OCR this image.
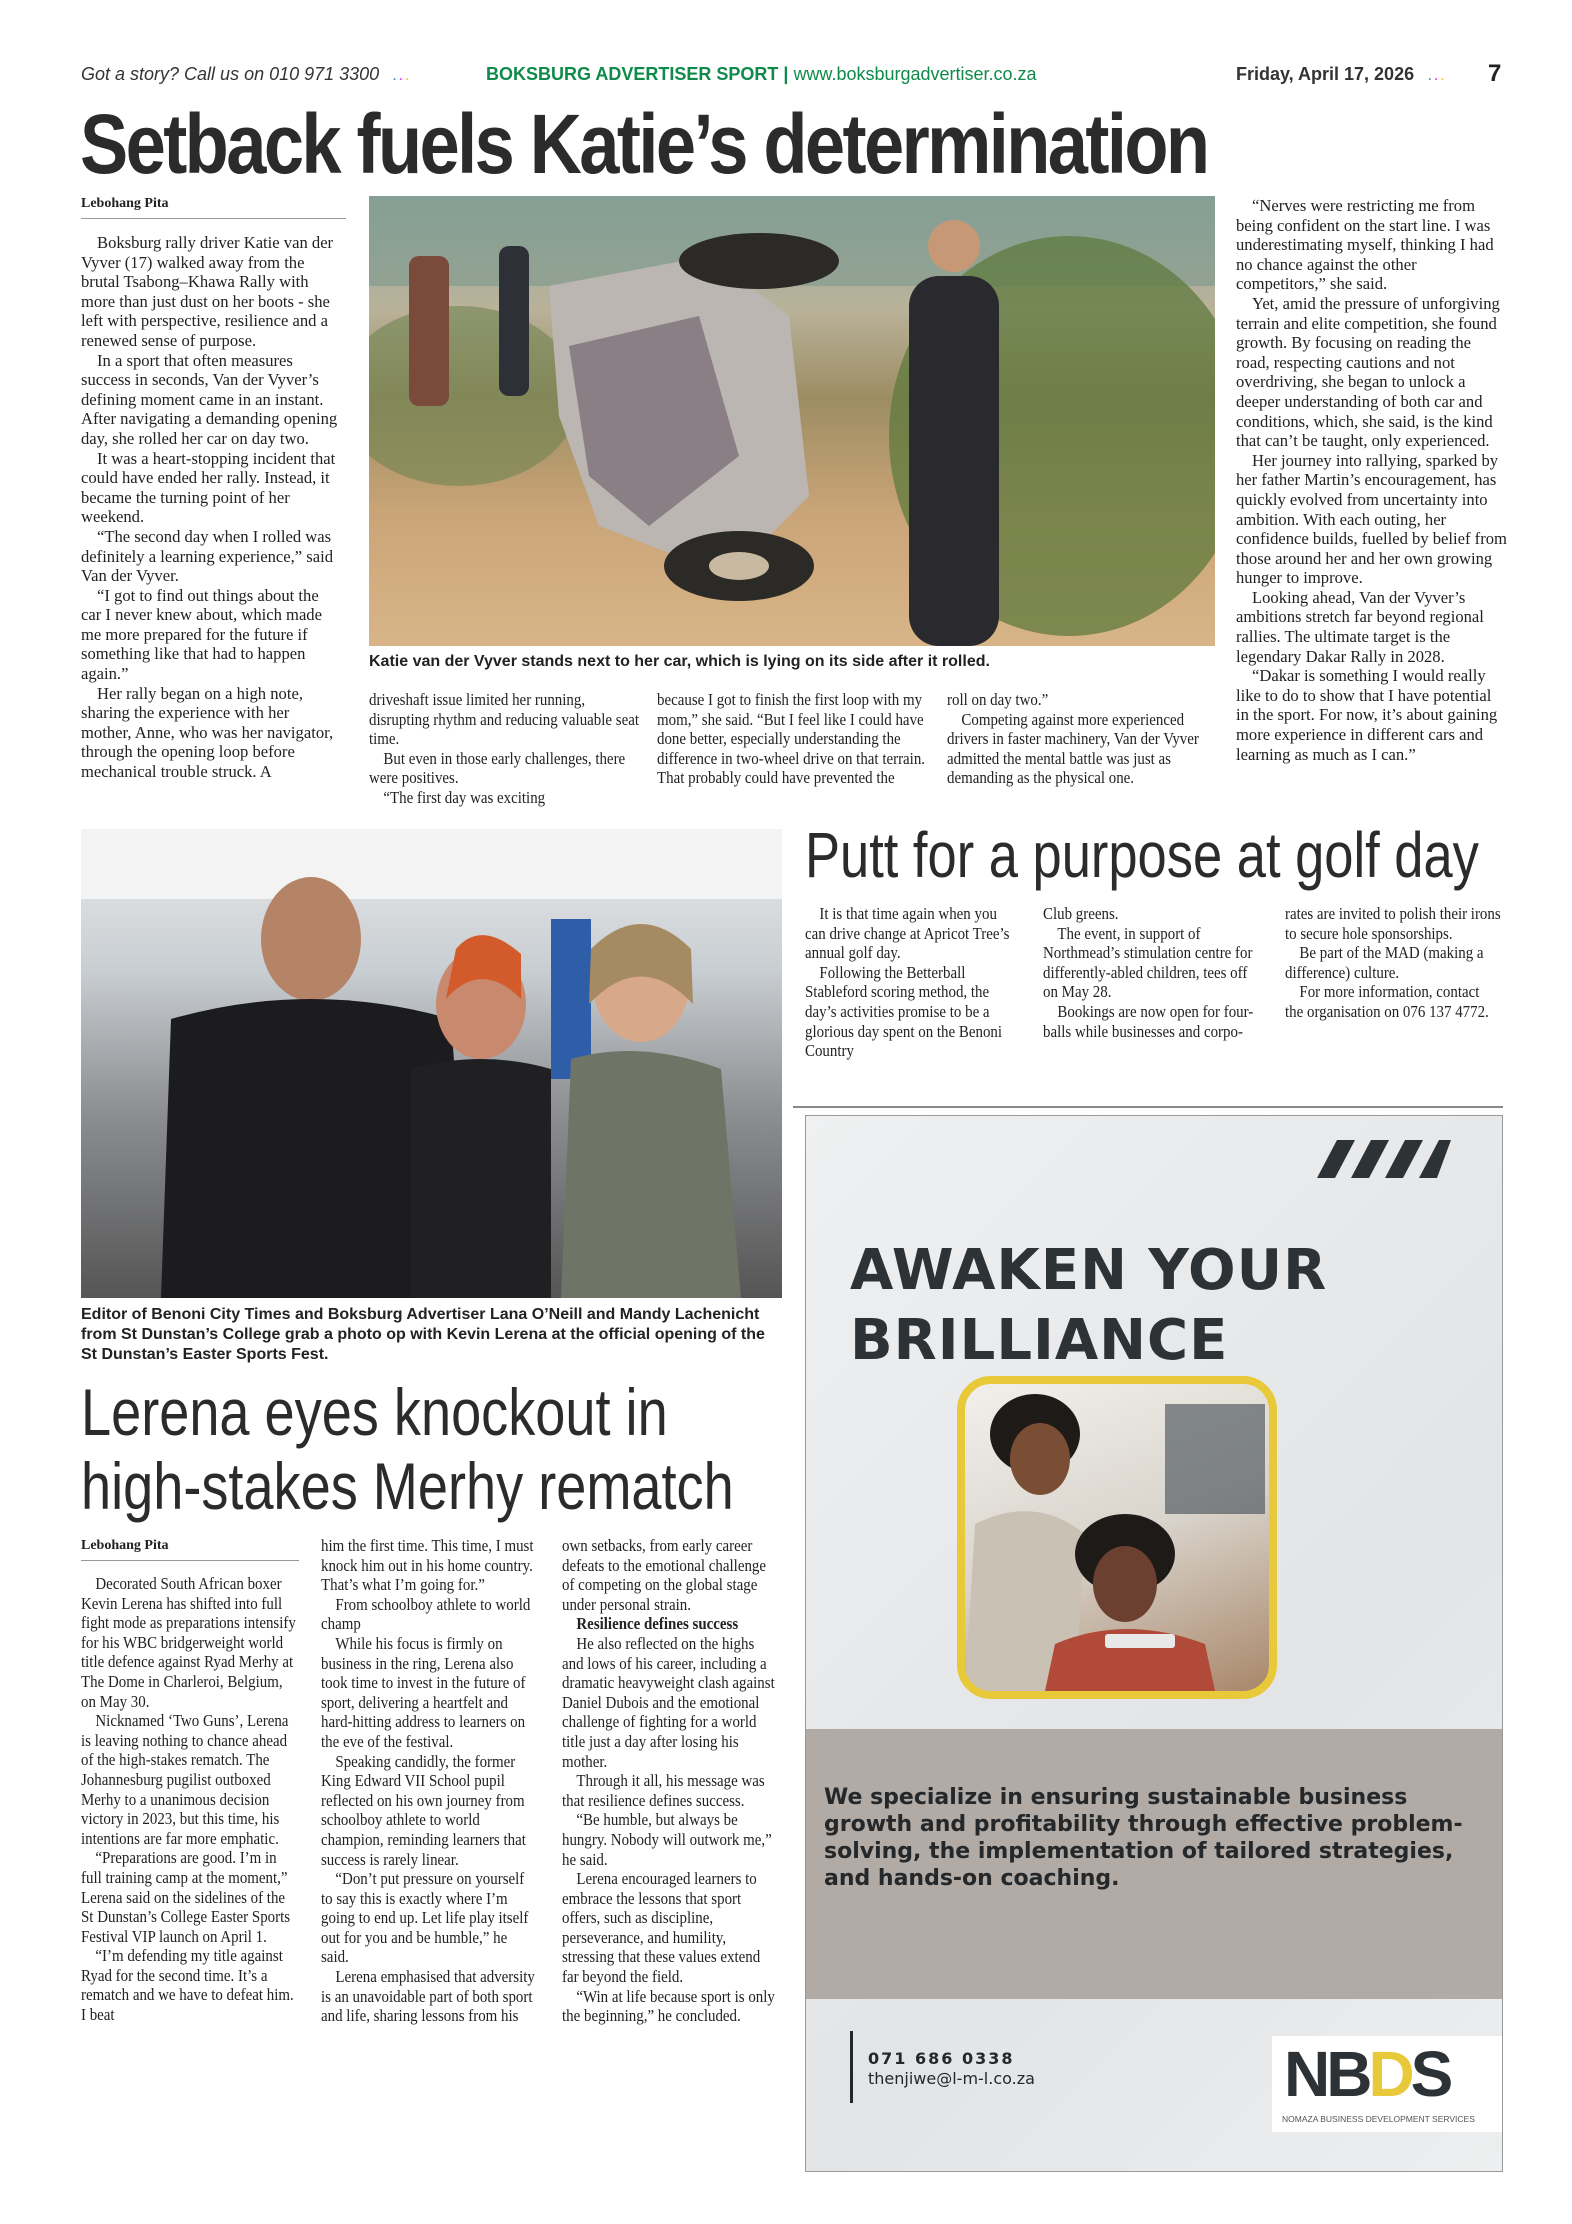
Got a story? Call us on 010 971 3300 ...	BOKSBURG ADVERTISER SPORT | www.boksburgadvertiser.co.za	Friday, April 17, 2026 ... 7
Setback fuels Katie’s determination
Lebohang Pita

Boksburg rally driver Katie van der Vyver (17) walked away from the brutal Tsabong–Khawa Rally with more than just dust on her boots - she left with perspective, resilience and a renewed sense of purpose.

In a sport that often measures success in seconds, Van der Vyver’s defining moment came in an instant. After navigating a demanding opening day, she rolled her car on day two.

It was a heart-stopping incident that could have ended her rally. Instead, it became the turning point of her weekend.

“The second day when I rolled was definitely a learning experience,” said Van der Vyver.

“I got to find out things about the car I never knew about, which made me more prepared for the future if something like that had to happen again.”

Her rally began on a high note, sharing the experience with her mother, Anne, who was her navigator, through the opening loop before mechanical trouble struck. A

Katie van der Vyver stands next to her car, which is lying on its side after it rolled.

driveshaft issue limited her running, disrupting rhythm and reducing valuable seat time.

But even in those early challenges, there were positives.

“The first day was exciting

because I got to finish the first loop with my mom,” she said. “But I feel like I could have done better, especially understanding the difference in two-wheel drive on that terrain. That probably could have prevented the

roll on day two.”

Competing against more experienced drivers in faster machinery, Van der Vyver admitted the mental battle was just as demanding as the physical one.

“Nerves were restricting me from being confident on the start line. I was underestimating myself, thinking I had no chance against the other competitors,” she said.

Yet, amid the pressure of unforgiving terrain and elite competition, she found growth. By focusing on reading the road, respecting cautions and not overdriving, she began to unlock a deeper understanding of both car and conditions, which, she said, is the kind that can’t be taught, only experienced.

Her journey into rallying, sparked by her father Martin’s encouragement, has quickly evolved from uncertainty into ambition. With each outing, her confidence builds, fuelled by belief from those around her and her own growing hunger to improve.

Looking ahead, Van der Vyver’s ambitions stretch far beyond regional rallies. The ultimate target is the legendary Dakar Rally in 2028.

“Dakar is something I would really like to do to show that I have potential in the sport. For now, it’s about gaining more experience in different cars and learning as much as I can.”

Editor of Benoni City Times and Boksburg Advertiser Lana O’Neill and Mandy Lachenicht from St Dunstan’s College grab a photo op with Kevin Lerena at the official opening of the St Dunstan’s Easter Sports Fest.
Lerena eyes knockout in
high-stakes Merhy rematch
Lebohang Pita

Decorated South African boxer Kevin Lerena has shifted into full fight mode as preparations intensify for his WBC bridgerweight world title defence against Ryad Merhy at The Dome in Charleroi, Belgium, on May 30.

Nicknamed ‘Two Guns’, Lerena is leaving nothing to chance ahead of the high-stakes rematch. The Johannesburg pugilist outboxed Merhy to a unanimous decision victory in 2023, but this time, his intentions are far more emphatic.

“Preparations are good. I’m in full training camp at the moment,” Lerena said on the sidelines of the St Dunstan’s College Easter Sports Festival VIP launch on April 1.

“I’m defending my title against Ryad for the second time. It’s a rematch and we have to defeat him. I beat

him the first time. This time, I must knock him out in his home country. That’s what I’m going for.”

From schoolboy athlete to world champ

While his focus is firmly on business in the ring, Lerena also took time to invest in the future of sport, delivering a heartfelt and hard-hitting address to learners on the eve of the festival.

Speaking candidly, the former King Edward VII School pupil reflected on his own journey from schoolboy athlete to world champion, reminding learners that success is rarely linear.

“Don’t put pressure on yourself to say this is exactly where I’m going to end up. Let life play itself out for you and be humble,” he said.

Lerena emphasised that adversity is an unavoidable part of both sport and life, sharing lessons from his

own setbacks, from early career defeats to the emotional challenge of competing on the global stage under personal strain.

Resilience defines success

He also reflected on the highs and lows of his career, including a dramatic heavyweight clash against Daniel Dubois and the emotional challenge of fighting for a world title just a day after losing his mother.

Through it all, his message was that resilience defines success.

“Be humble, but always be hungry. Nobody will outwork me,” he said.

Lerena encouraged learners to embrace the lessons that sport offers, such as discipline, perseverance, and humility, stressing that these values extend far beyond the field.

“Win at life because sport is only the beginning,” he concluded.

Putt for a purpose at golf day

It is that time again when you can drive change at Apricot Tree’s annual golf day.

Following the Betterball Stableford scoring method, the day’s activities promise to be a glorious day spent on the Benoni Country

Club greens.

The event, in support of Northmead’s stimulation centre for differently-abled children, tees off on May 28.

Bookings are now open for four-balls while businesses and corpo-

rates are invited to polish their irons to secure hole sponsorships.

Be part of the MAD (making a difference) culture.

For more information, contact the organisation on 076 137 4772.

AWAKEN YOUR
BRILLIANCE
We specialize in ensuring sustainable business growth and profitability through effective problem-solving, the implementation of tailored strategies, and hands-on coaching.
071 686 0338
thenjiwe@l-m-l.co.za	NBDS
NOMAZA BUSINESS DEVELOPMENT SERVICES
